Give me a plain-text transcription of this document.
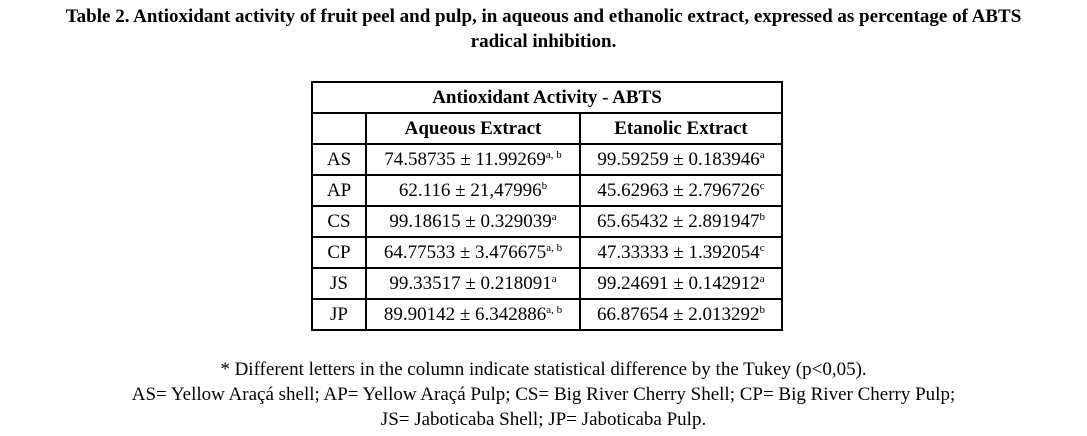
Table 2. Antioxidant activity of fruit peel and pulp, in aqueous and ethanolic extract, expressed as percentage of ABTS
radical inhibition.
Antioxidant Activity - ABTS		
	Aqueous Extract	Etanolic Extract
AS	$74.58735 \pm 11.99269^{a, b}$	99.59259 ± 0.183946$^a$
AP	62.116 ± 21,47996$^b$	45.62963 ± 2.796726$^c$
CS	99.18615 ± 0.329039$^a$	65.65432 ± 2.891947$^b$
CP	$64.77533 \pm 3.476675^{a, b}$	47.33333 ± 1.392054$^c$
JS	99.33517 ± 0.218091$^a$	99.24691 ± 0.142912$^a$
JP	$89.90142 \pm 6.342886^{a, b}$	66.87654 ± 2.013292$^b$
* Different letters in the column indicate statistical difference by the Tukey (p<0,05).
AS= Yellow Araçá shell; AP= Yellow Araçá Pulp; CS= Big River Cherry Shell; CP= Big River Cherry Pulp;
JS= Jaboticaba Shell; JP= Jaboticaba Pulp.
